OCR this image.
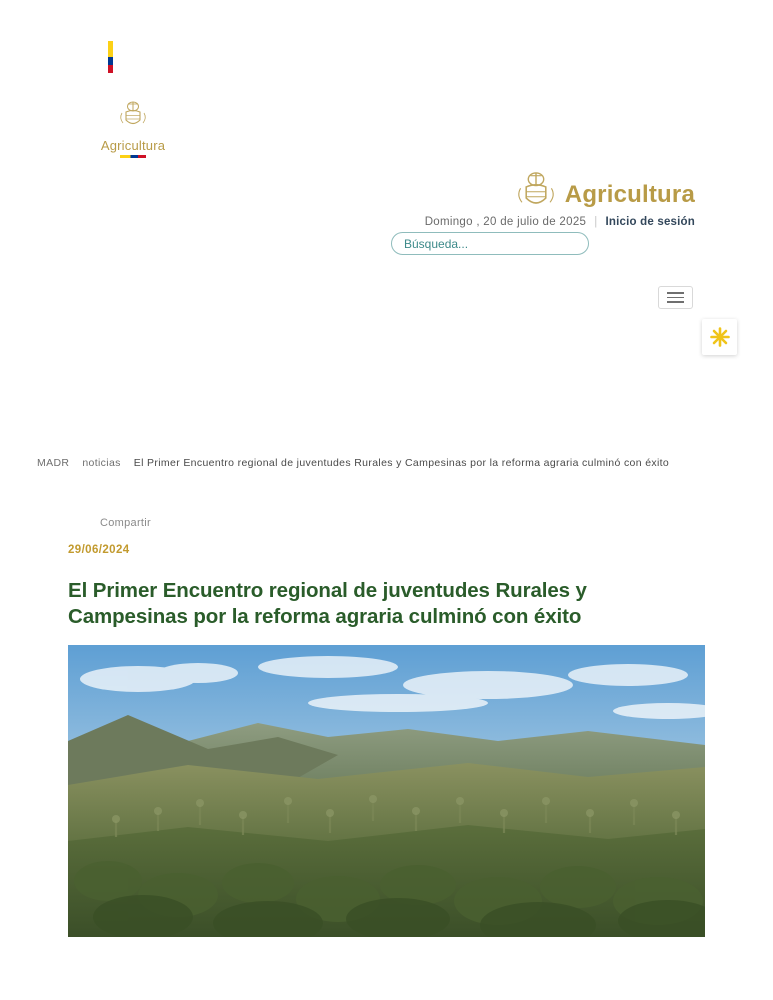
Agricultura
Agricultura
Domingo , 20 de julio de 2025 | Inicio de sesión
Búsqueda...
MADR noticias El Primer Encuentro regional de juventudes Rurales y Campesinas por la reforma agraria culminó con éxito
Compartir
29/06/2024
El Primer Encuentro regional de juventudes Rurales y Campesinas por la reforma agraria culminó con éxito
